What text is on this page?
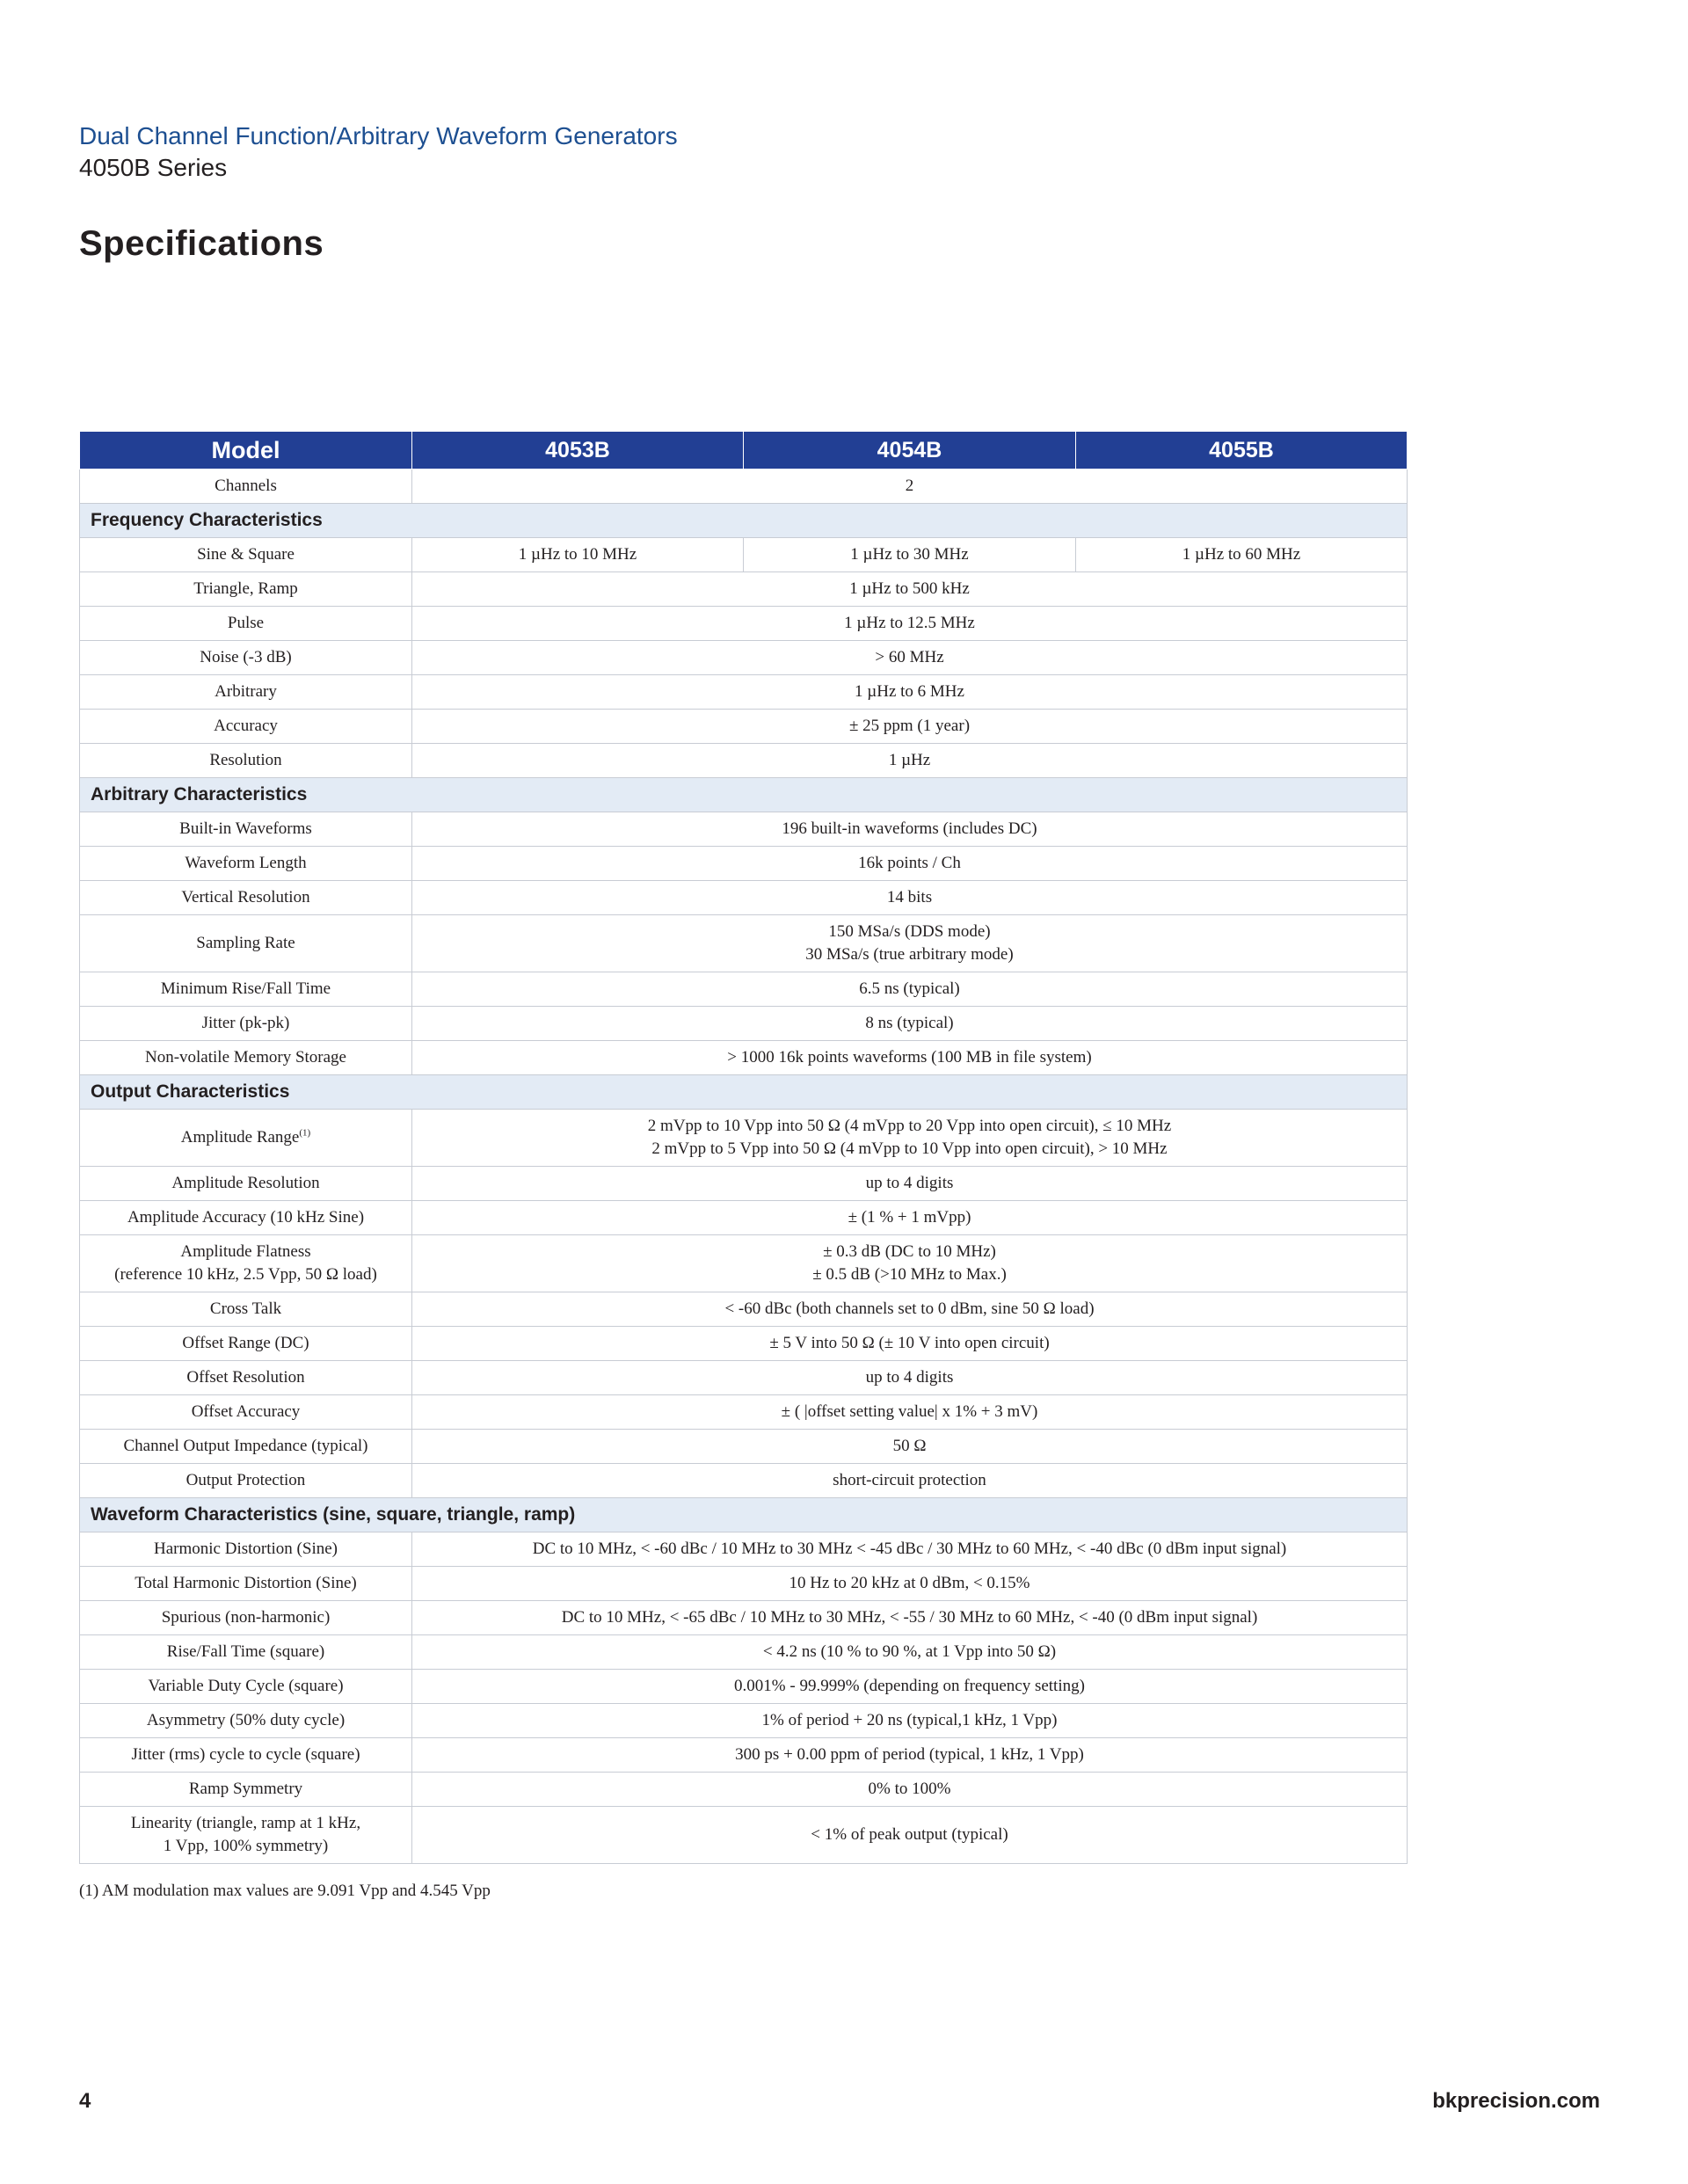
Dual Channel Function/Arbitrary Waveform Generators
4050B Series
Specifications
Model	4053B	4054B	4055B
Channels	2		
Frequency Characteristics			
Sine & Square	1 µHz to 10 MHz	1 µHz to 30 MHz	1 µHz to 60 MHz
Triangle, Ramp	1 µHz to 500 kHz		
Pulse	1 µHz to 12.5 MHz		
Noise (-3 dB)	> 60 MHz		
Arbitrary	1 µHz to 6 MHz		
Accuracy	± 25 ppm (1 year)		
Resolution	1 µHz		
Arbitrary Characteristics			
Built-in Waveforms	196 built-in waveforms (includes DC)		
Waveform Length	16k points / Ch		
Vertical Resolution	14 bits		
Sampling Rate	150 MSa/s (DDS mode)
30 MSa/s (true arbitrary mode)		
Minimum Rise/Fall Time	6.5 ns (typical)		
Jitter (pk-pk)	8 ns (typical)		
Non-volatile Memory Storage	> 1000 16k points waveforms (100 MB in file system)		
Output Characteristics			
Amplitude Range$^{(1)}$	2 mVpp to 10 Vpp into 50 Ω (4 mVpp to 20 Vpp into open circuit), ≤ 10 MHz
2 mVpp to 5 Vpp into 50 Ω (4 mVpp to 10 Vpp into open circuit), > 10 MHz		
Amplitude Resolution	up to 4 digits		
Amplitude Accuracy (10 kHz Sine)	± (1 % + 1 mVpp)		
Amplitude Flatness
(reference 10 kHz, 2.5 Vpp, 50 Ω load)	± 0.3 dB (DC to 10 MHz)
± 0.5 dB (>10 MHz to Max.)		
Cross Talk	< -60 dBc (both channels set to 0 dBm, sine 50 Ω load)		
Offset Range (DC)	± 5 V into 50 Ω (± 10 V into open circuit)		
Offset Resolution	up to 4 digits		
Offset Accuracy	± ( |offset setting value| x 1% + 3 mV)		
Channel Output Impedance (typical)	50 Ω		
Output Protection	short-circuit protection		
Waveform Characteristics (sine, square, triangle, ramp)			
Harmonic Distortion (Sine)	DC to 10 MHz, < -60 dBc / 10 MHz to 30 MHz < -45 dBc / 30 MHz to 60 MHz, < -40 dBc (0 dBm input signal)		
Total Harmonic Distortion (Sine)	10 Hz to 20 kHz at 0 dBm, < 0.15%		
Spurious (non-harmonic)	DC to 10 MHz, < -65 dBc / 10 MHz to 30 MHz, < -55 / 30 MHz to 60 MHz, < -40 (0 dBm input signal)		
Rise/Fall Time (square)	< 4.2 ns (10 % to 90 %, at 1 Vpp into 50 Ω)		
Variable Duty Cycle (square)	0.001% - 99.999% (depending on frequency setting)		
Asymmetry (50% duty cycle)	1% of period + 20 ns (typical,1 kHz, 1 Vpp)		
Jitter (rms) cycle to cycle (square)	300 ps + 0.00 ppm of period (typical, 1 kHz, 1 Vpp)		
Ramp Symmetry	0% to 100%		
Linearity (triangle, ramp at 1 kHz,
1 Vpp, 100% symmetry)	< 1% of peak output (typical)		
(1) AM modulation max values are 9.091 Vpp and 4.545 Vpp
4	bkprecision.com
